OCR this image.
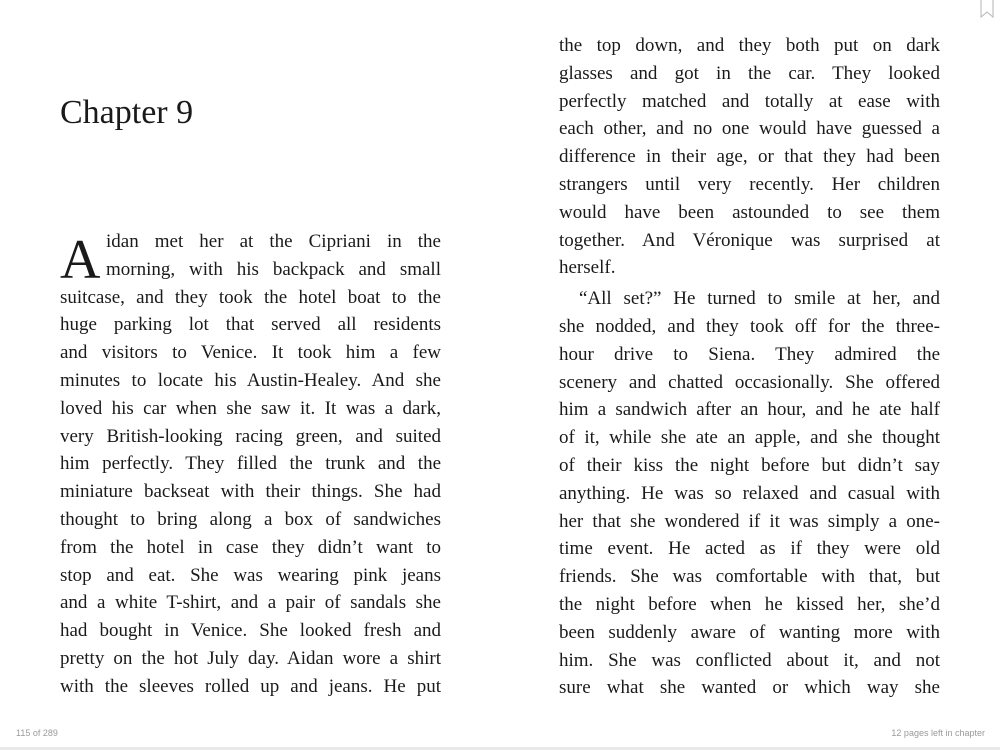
Chapter 9
A idan met her at the Cipriani in the
morning, with his backpack and small
suitcase, and they took the hotel boat to the
huge parking lot that served all residents
and visitors to Venice. It took him a few
minutes to locate his Austin-Healey. And she
loved his car when she saw it. It was a dark,
very British-looking racing green, and suited
him perfectly. They filled the trunk and the
miniature backseat with their things. She had
thought to bring along a box of sandwiches
from the hotel in case they didn’t want to
stop and eat. She was wearing pink jeans
and a white T-shirt, and a pair of sandals she
had bought in Venice. She looked fresh and
pretty on the hot July day. Aidan wore a shirt
with the sleeves rolled up and jeans. He put
the top down, and they both put on dark
glasses and got in the car. They looked
perfectly matched and totally at ease with
each other, and no one would have guessed a
difference in their age, or that they had been
strangers until very recently. Her children
would have been astounded to see them
together. And Véronique was surprised at
herself.
“All set?” He turned to smile at her, and
she nodded, and they took off for the three-
hour drive to Siena. They admired the
scenery and chatted occasionally. She offered
him a sandwich after an hour, and he ate half
of it, while she ate an apple, and she thought
of their kiss the night before but didn’t say
anything. He was so relaxed and casual with
her that she wondered if it was simply a one-
time event. He acted as if they were old
friends. She was comfortable with that, but
the night before when he kissed her, she’d
been suddenly aware of wanting more with
him. She was conflicted about it, and not
sure what she wanted or which way she
115 of 289	12 pages left in chapter
